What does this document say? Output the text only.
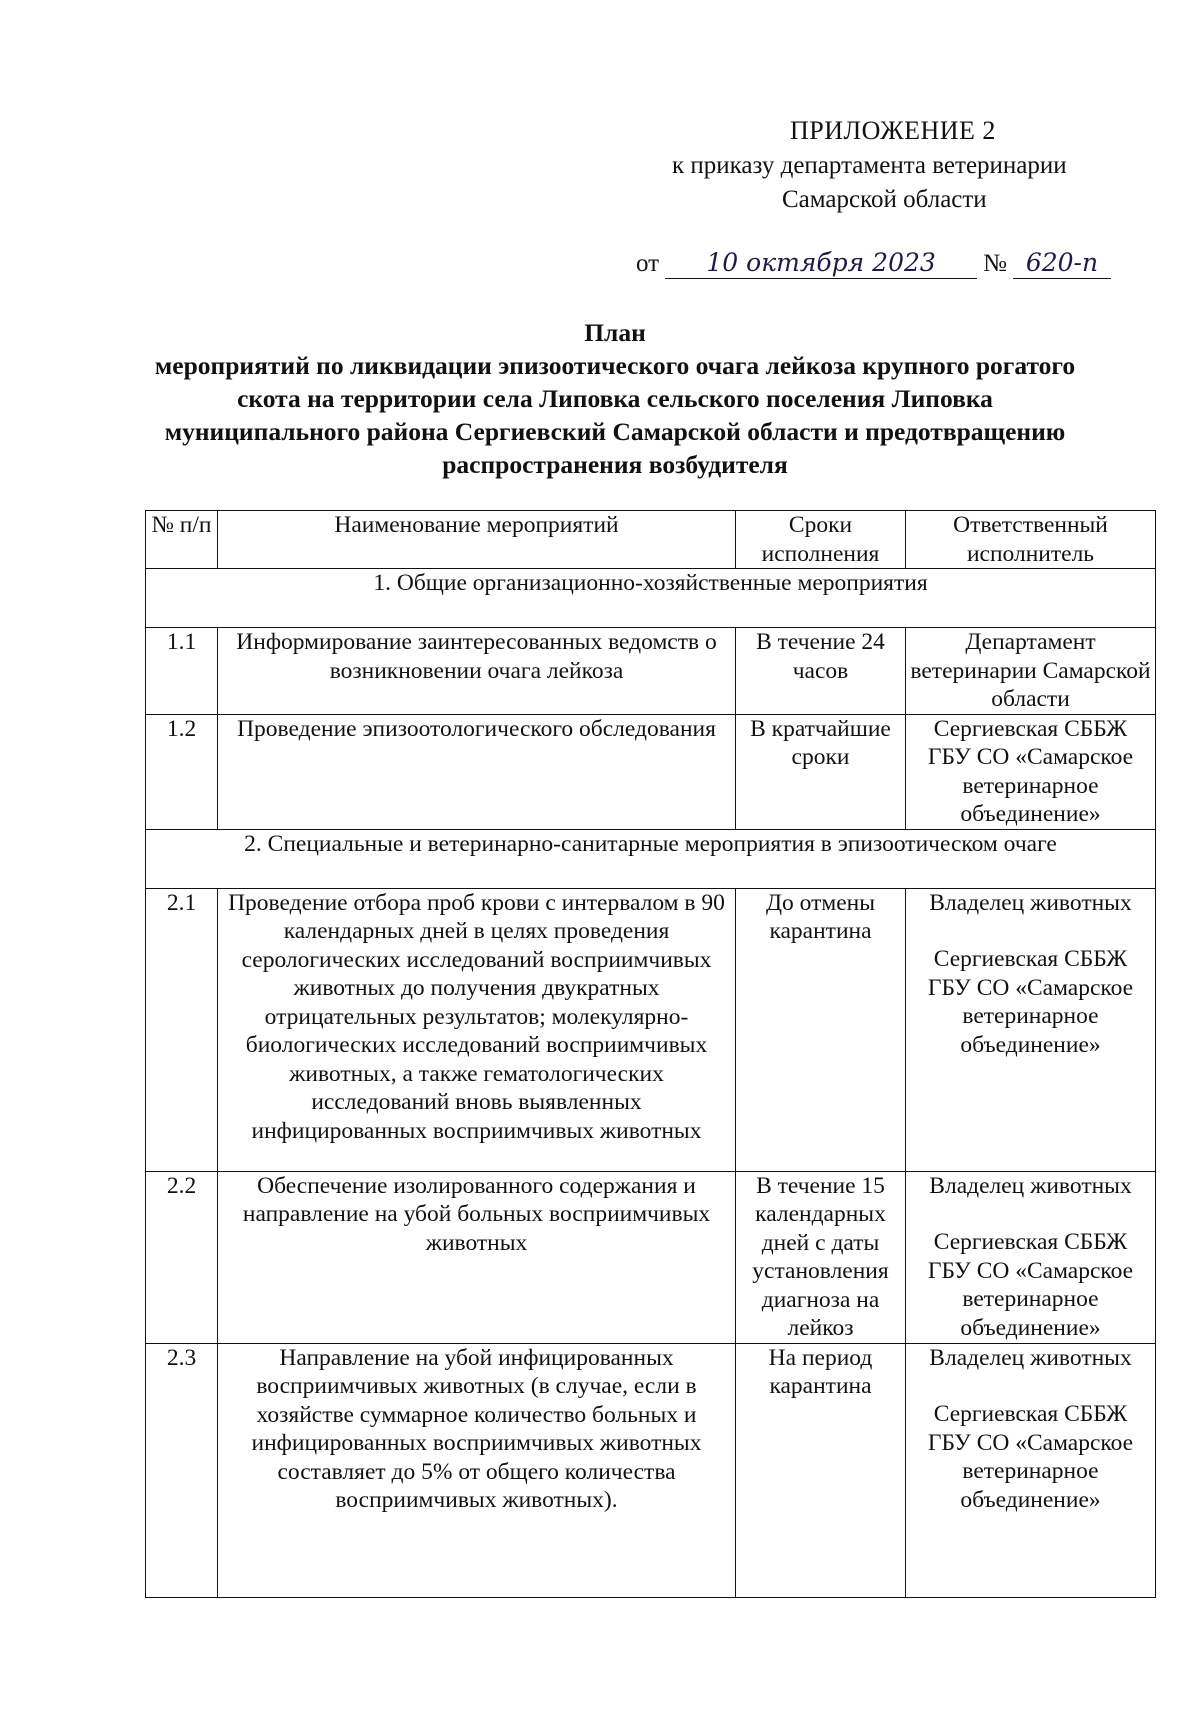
ПРИЛОЖЕНИЕ 2
к приказу департамента ветеринарии
Самарской области
от 10 октября 2023 № 620-п
План
мероприятий по ликвидации эпизоотического очага лейкоза крупного рогатого скота на территории села Липовка сельского поселения Липовка муниципального района Сергиевский Самарской области и предотвращению распространения возбудителя
№ п/п	Наименование мероприятий	Сроки исполнения	Ответственный исполнитель
1. Общие организационно-хозяйственные мероприятия			
1.1	Информирование заинтересованных ведомств о возникновении очага лейкоза	В течение 24 часов	Департамент ветеринарии Самарской области
1.2	Проведение эпизоотологического обследования	В кратчайшие сроки	Сергиевская СББЖ ГБУ СО «Самарское ветеринарное объединение»
2. Специальные и ветеринарно-санитарные мероприятия в эпизоотическом очаге			
2.1	Проведение отбора проб крови с интервалом в 90 календарных дней в целях проведения серологических исследований восприимчивых животных до получения двукратных отрицательных результатов; молекулярно-биологических исследований восприимчивых животных, а также гематологических исследований вновь выявленных инфицированных восприимчивых животных	До отмены карантина	Владелец животных
Сергиевская СББЖ ГБУ СО «Самарское ветеринарное объединение»
2.2	Обеспечение изолированного содержания и направление на убой больных восприимчивых животных	В течение 15 календарных дней с даты установления диагноза на лейкоз	Владелец животных
Сергиевская СББЖ ГБУ СО «Самарское ветеринарное объединение»
2.3	Направление на убой инфицированных восприимчивых животных (в случае, если в хозяйстве суммарное количество больных и инфицированных восприимчивых животных составляет до 5% от общего количества восприимчивых животных).	На период карантина	Владелец животных
Сергиевская СББЖ ГБУ СО «Самарское ветеринарное объединение»
